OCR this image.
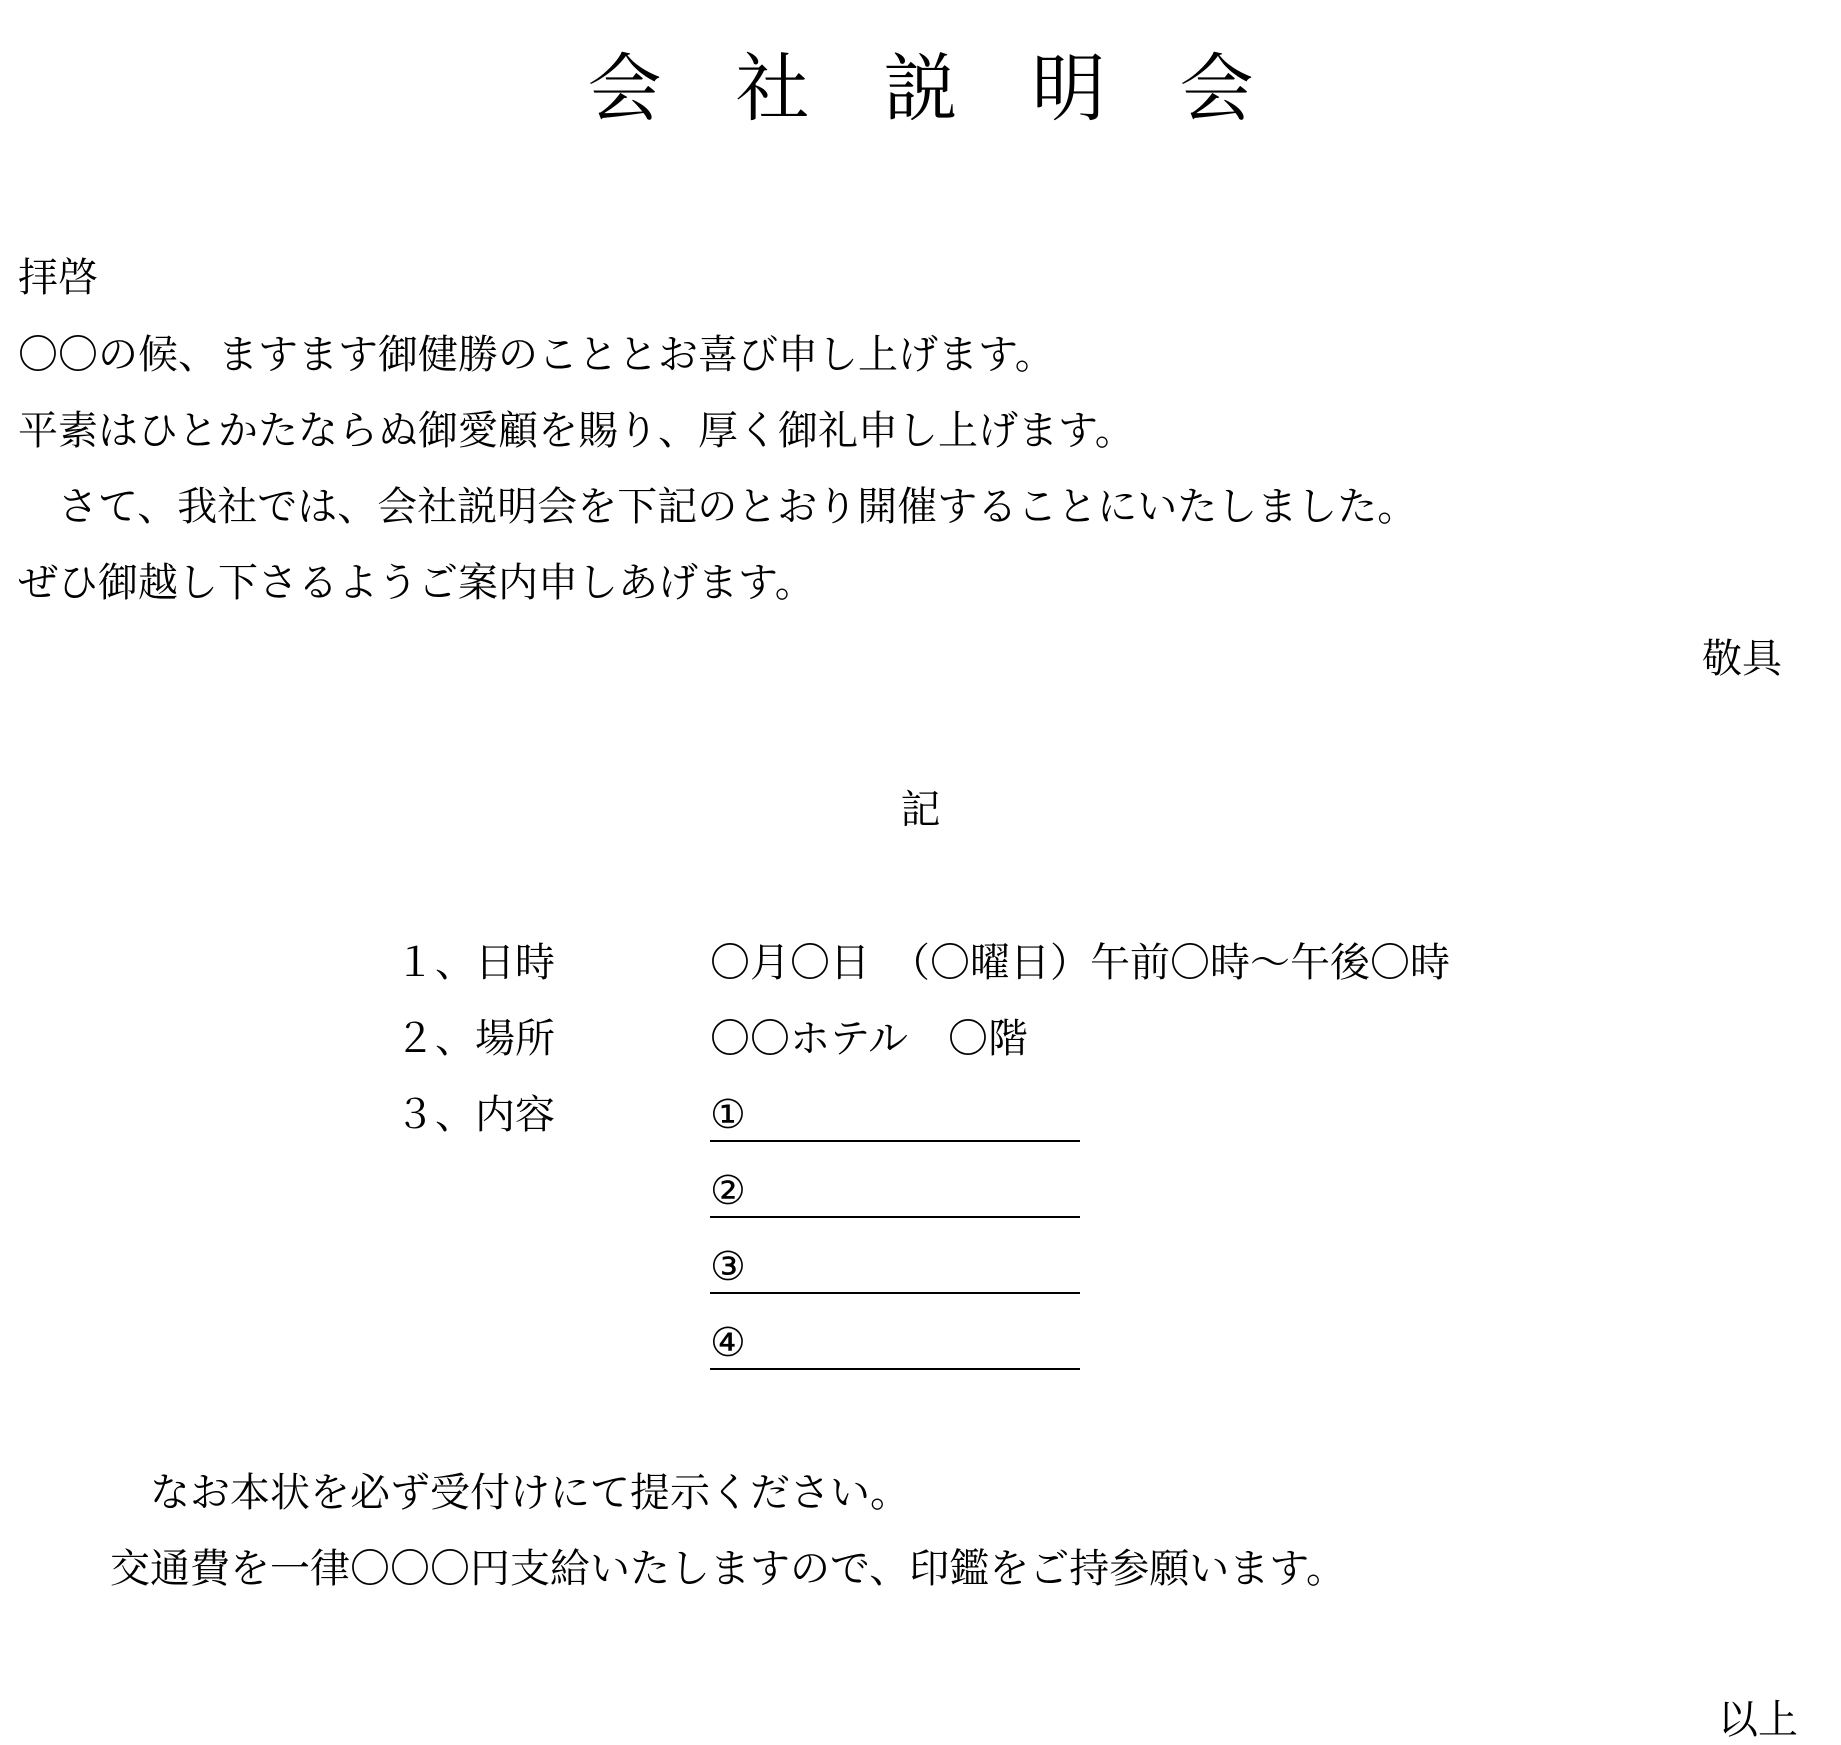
会　社　説　明　会
拝啓
〇〇の候、ますます御健勝のこととお喜び申し上げます。
平素はひとかたならぬ御愛顧を賜り、厚く御礼申し上げます。
　さて、我社では、会社説明会を下記のとおり開催することにいたしました。
ぜひ御越し下さるようご案内申しあげます。
敬具
記
１、日時	〇月〇日　（〇曜日）午前〇時～午後〇時
２、場所	〇〇ホテル　〇階
３、内容	①
②
③
④
　なお本状を必ず受付けにて提示ください。
交通費を一律〇〇〇円支給いたしますので、印鑑をご持参願います。
以上
